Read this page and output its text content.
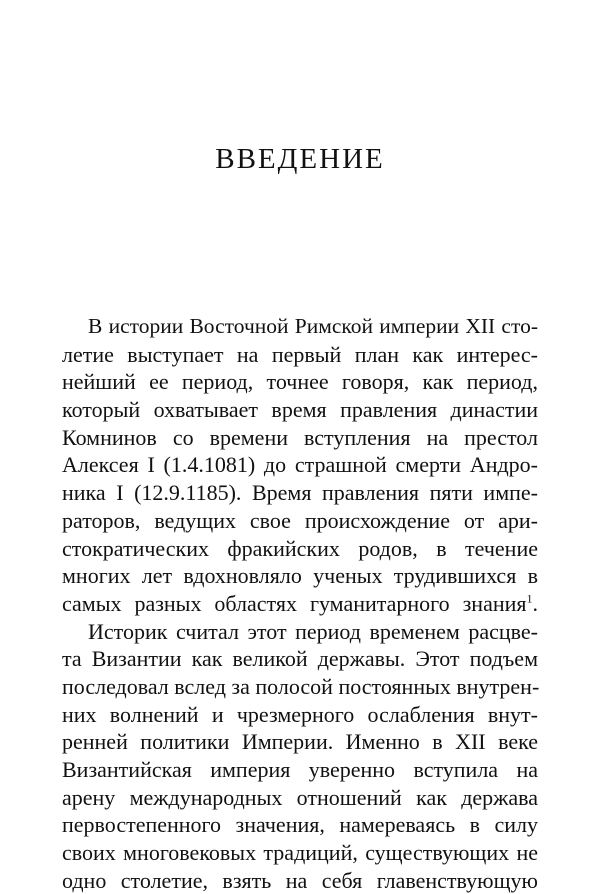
ВВЕДЕНИЕ
В истории Восточной Римской империи XII сто-
летие выступает на первый план как интерес-
нейший ее период, точнее говоря, как период,
который охватывает время правления династии
Комнинов со времени вступления на престол
Алексея I (1.4.1081) до страшной смерти Андро-
ника I (12.9.1185). Время правления пяти импе-
раторов, ведущих свое происхождение от ари-
стократических фракийских родов, в течение
многих лет вдохновляло ученых трудившихся в
самых разных областях гуманитарного знания$^1$.
Историк считал этот период временем расцве-
та Византии как великой державы. Этот подъем
последовал вслед за полосой постоянных внутрен-
них волнений и чрезмерного ослабления внут-
ренней политики Империи. Именно в XII веке
Византийская империя уверенно вступила на
арену международных отношений как держава
первостепенного значения, намереваясь в силу
своих многовековых традиций, существующих не
одно столетие, взять на себя главенствующую
